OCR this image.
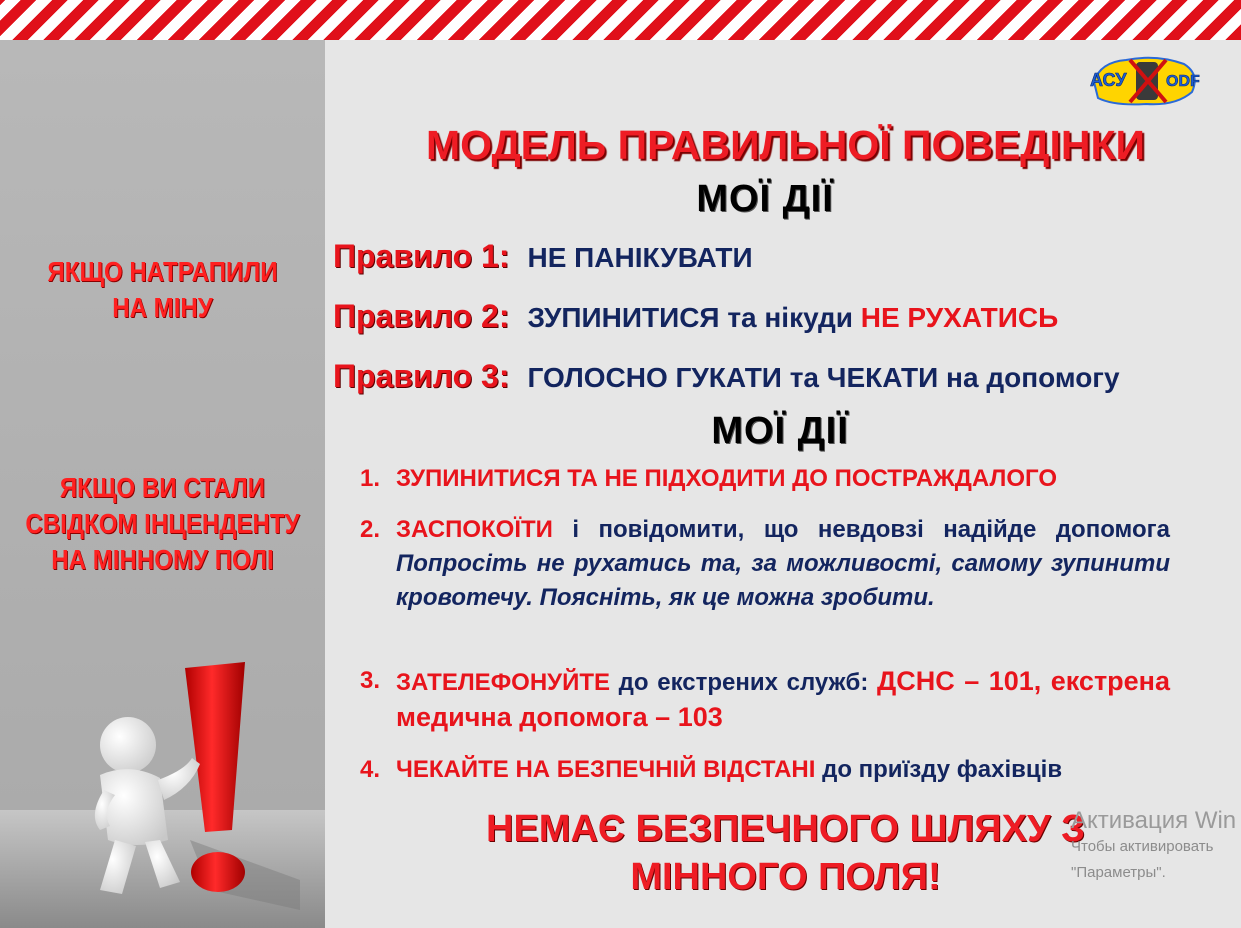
ЯКЩО НАТРАПИЛИ
НА МІНУ
ЯКЩО ВИ СТАЛИ
СВІДКОМ ІНЦЕНДЕНТУ
НА МІННОМУ ПОЛІ
АСУ ODF
МОДЕЛЬ ПРАВИЛЬНОЇ ПОВЕДІНКИ
МОЇ ДІЇ
Правило 1: НЕ ПАНІКУВАТИ
Правило 2: ЗУПИНИТИСЯ та нікуди НЕ РУХАТИСЬ
Правило 3: ГОЛОСНО ГУКАТИ та ЧЕКАТИ на допомогу
МОЇ ДІЇ
1. ЗУПИНИТИСЯ ТА НЕ ПІДХОДИТИ ДО ПОСТРАЖДАЛОГО
2. ЗАСПОКОЇТИ і повідомити, що невдовзі надійде допомога Попросіть не рухатись та, за можливості, самому зупинити кровотечу. Поясніть, як це можна зробити.
3. ЗАТЕЛЕФОНУЙТЕ до екстрених служб: ДСНС – 101, екстрена медична допомога – 103
4. ЧЕКАЙТЕ НА БЕЗПЕЧНІЙ ВІДСТАНІ до приїзду фахівців
НЕМАЄ БЕЗПЕЧНОГО ШЛЯХУ З
МІННОГО ПОЛЯ!
Активация Win
Чтобы активировать
"Параметры".
